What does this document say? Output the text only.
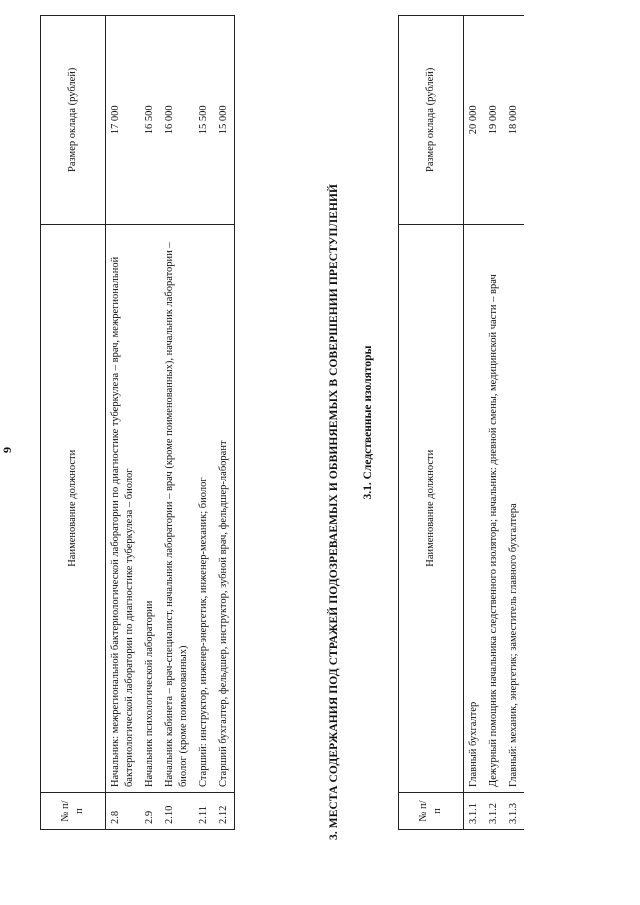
9
№ п/п	Наименование должности	Размер оклада (рублей)
2.8	Начальник: межрегиональной бактериологической лаборатории по диагностике туберкулеза – врач, межрегиональной бактериологической лаборатории по диагностике туберкулеза – биолог	17 000
2.9	Начальник психологической лаборатории	16 500
2.10	Начальник кабинета – врач-специалист, начальник лаборатории – врач (кроме поименованных), начальник лаборатории – биолог (кроме поименованных)	16 000
2.11	Старший: инструктор, инженер-энергетик, инженер-механик; биолог	15 500
2.12	Старший бухгалтер, фельдшер, инструктор, зубной врач, фельдшер-лаборант	15 000
3. МЕСТА СОДЕРЖАНИЯ ПОД СТРАЖЕЙ ПОДОЗРЕВАЕМЫХ И ОБВИНЯЕМЫХ В СОВЕРШЕНИИ ПРЕСТУПЛЕНИЙ 3.1. Следственные изоляторы
№ п/п	Наименование должности	Размер оклада (рублей)
3.1.1	Главный бухгалтер	20 000
3.1.2	Дежурный помощник начальника следственного изолятора; начальник: дневной смены, медицинской части – врач	19 000
3.1.3	Главный: механик, энергетик; заместитель главного бухгалтера	18 000
